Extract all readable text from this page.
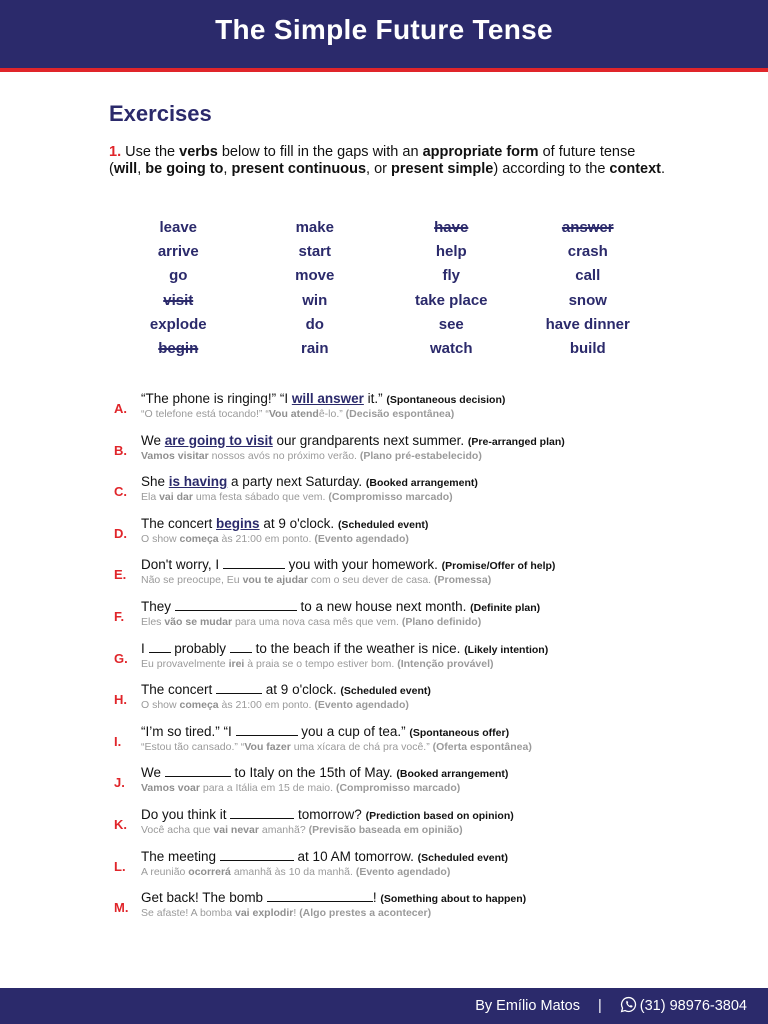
The Simple Future Tense
Exercises
1. Use the verbs below to fill in the gaps with an appropriate form of future tense (will, be going to, present continuous, or present simple) according to the context.
leave	make	have	answer
arrive	start	help	crash
go	move	fly	call
visit	win	take place	snow
explode	do	see	have dinner
begin	rain	watch	build
A.
“The phone is ringing!” “I will answer it.” (Spontaneous decision)
“O telefone está tocando!” “Vou atendê-lo.” (Decisão espontânea)
B.
We are going to visit our grandparents next summer. (Pre-arranged plan)
Vamos visitar nossos avós no próximo verão. (Plano pré-estabelecido)
C.
She is having a party next Saturday. (Booked arrangement)
Ela vai dar uma festa sábado que vem. (Compromisso marcado)
D.
The concert begins at 9 o'clock. (Scheduled event)
O show começa às 21:00 em ponto. (Evento agendado)
E.
Don't worry, I	you with your homework. (Promise/Offer of help)
Não se preocupe, Eu vou te ajudar com o seu dever de casa. (Promessa)
F.
They	to a new house next month. (Definite plan)
Eles vão se mudar para uma nova casa mês que vem. (Plano definido)
G.
I  probably  to the beach if the weather is nice. (Likely intention)
Eu provavelmente irei à praia se o tempo estiver bom. (Intenção provável)
H.
The concert	at 9 o'clock. (Scheduled event)
O show começa às 21:00 em ponto. (Evento agendado)
I.
“I’m so tired.” “I	you a cup of tea.” (Spontaneous offer)
“Estou tão cansado.” “Vou fazer uma xícara de chá pra você.” (Oferta espontânea)
J.
We	to Italy on the 15th of May. (Booked arrangement)
Vamos voar para a Itália em 15 de maio. (Compromisso marcado)
K.
Do you think it	tomorrow? (Prediction based on opinion)
Você acha que vai nevar amanhã? (Previsão baseada em opinião)
L.
The meeting	at 10 AM tomorrow. (Scheduled event)
A reunião ocorrerá amanhã às 10 da manhã. (Evento agendado)
M.
Get back! The bomb	! (Something about to happen)
Se afaste! A bomba vai explodir! (Algo prestes a acontecer)
By Emílio Matos |	(31) 98976-3804
